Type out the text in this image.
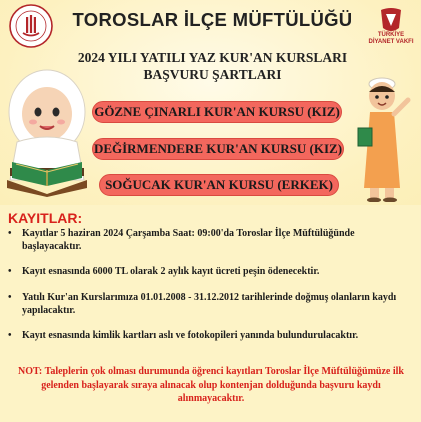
TOROSLAR İLÇE MÜFTÜLÜĞÜ
TÜRKİYE DİYANET VAKFI
2024 YILI YATILI YAZ KUR'AN KURSLARI
BAŞVURU ŞARTLARI
GÖZNE ÇINARLI KUR'AN KURSU (KIZ)
DEĞİRMENDERE KUR'AN KURSU (KIZ)
SOĞUCAK KUR'AN KURSU (ERKEK)
KAYITLAR:
• Kayıtlar 5 haziran 2024 Çarşamba Saat: 09:00'da Toroslar İlçe Müftülüğünde başlayacaktır.
• Kayıt esnasında 6000 TL olarak 2 aylık kayıt ücreti peşin ödenecektir.
• Yatılı Kur'an Kurslarımıza 01.01.2008 - 31.12.2012 tarihlerinde doğmuş olanların kaydı yapılacaktır.
• Kayıt esnasında kimlik kartları aslı ve fotokopileri yanında bulundurulacaktır.
NOT: Taleplerin çok olması durumunda öğrenci kayıtları Toroslar İlçe Müftülüğümüze ilk gelenden başlayarak sıraya alınacak olup kontenjan dolduğunda başvuru kaydı alınmayacaktır.
